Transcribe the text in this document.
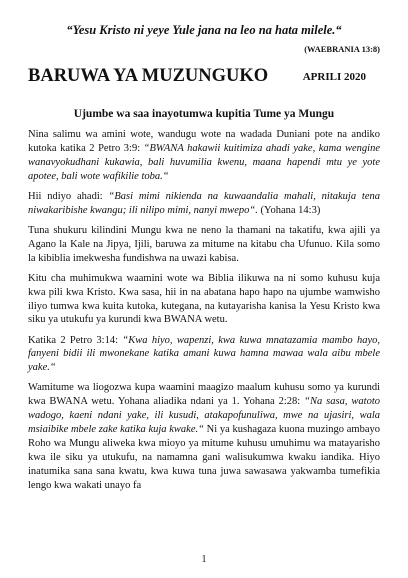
“Yesu Kristo ni yeye Yule jana na leo na hata milele.“
(WAEBRANIA 13:8)
BARUWA YA MUZUNGUKO	APRILI 2020
Ujumbe wa saa inayotumwa kupitia Tume ya Mungu

Nina salimu wa amini wote, wandugu wote na wadada Duniani pote na andiko kutoka katika 2 Petro 3:9: “BWANA hakawii kuitimiza ahadi yake, kama wengine wanavyokudhani kukawia, bali huvumilia kwenu, maana hapendi mtu ye yote apotee, bali wote wafikilie toba.“

Hii ndiyo ahadi: “Basi mimi nikienda na kuwaandalia mahali, nitakuja tena niwakaribishe kwangu; ili nilipo mimi, nanyi mwepo“. (Yohana 14:3)

Tuna shukuru kilindini Mungu kwa ne neno la thamani na takatifu, kwa ajili ya Agano la Kale na Jipya, Ijili, baruwa za mitume na kitabu cha Ufunuo. Kila somo la kibiblia imekwesha fundishwa na uwazi kabisa.

Kitu cha muhimukwa waamini wote wa Biblia ilikuwa na ni somo kuhusu kuja kwa pili kwa Kristo. Kwa sasa, hii in na abatana hapo hapo na ujumbe wamwisho iliyo tumwa kwa kuita kutoka, kutegana, na kutayarisha kanisa la Yesu Kristo kwa siku ya utukufu ya kurundi kwa BWANA wetu.

Katika 2 Petro 3:14: “Kwa hiyo, wapenzi, kwa kuwa mnatazamia mambo hayo, fanyeni bidii ili mwonekane katika amani kuwa hamna mawaa wala aibu mbele yake.“

Wamitume wa liogozwa kupa waamini maagizo maalum kuhusu somo ya kurundi kwa BWANA wetu. Yohana aliadika ndani ya 1. Yohana 2:28: “Na sasa, watoto wadogo, kaeni ndani yake, ili kusudi, atakapofunuliwa, mwe na ujasiri, wala msiaibike mbele zake katika kuja kwake.“ Ni ya kushagaza kuona muzingo ambayo Roho wa Mungu aliweka kwa mioyo ya mitume kuhusu umuhimu wa matayarisho kwa ile siku ya utukufu, na namamna gani walisukumwa kwaku iandika. Hiyo inatumika sana sana kwatu, kwa kuwa tuna juwa sawasawa yakwamba tumefikia lengo kwa wakati unayo fa

1
